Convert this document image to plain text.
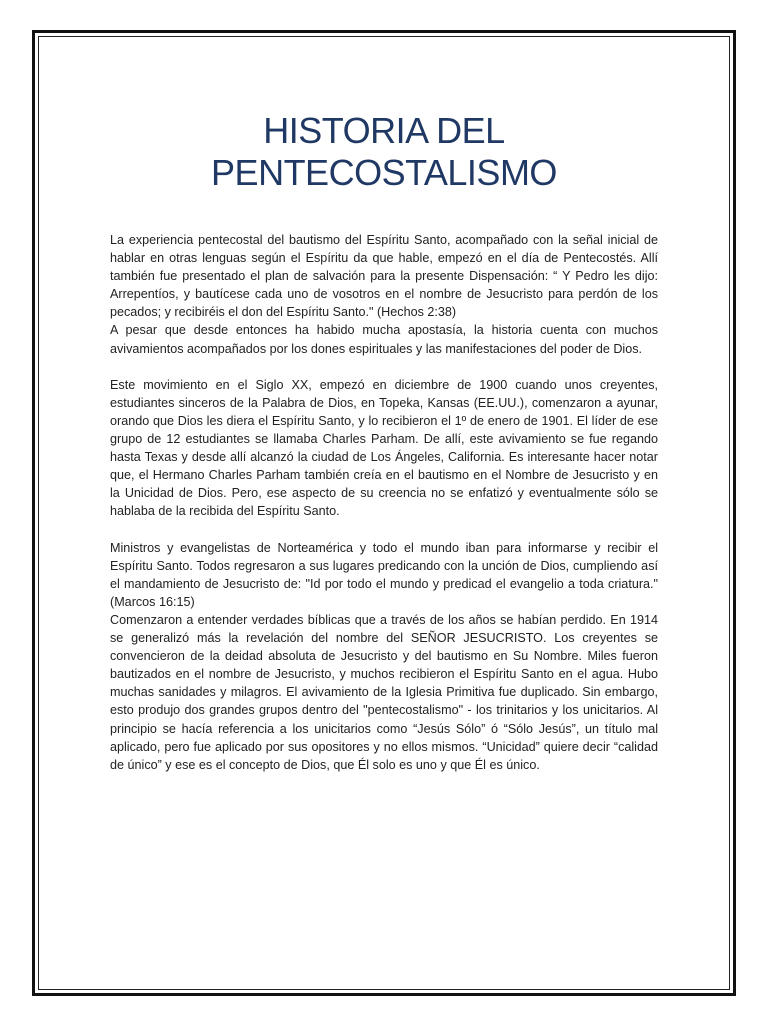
HISTORIA DEL
PENTECOSTALISMO

La experiencia pentecostal del bautismo del Espíritu Santo, acompañado con la señal inicial de hablar en otras lenguas según el Espíritu da que hable, empezó en el día de Pentecostés. Allí también fue presentado el plan de salvación para la presente Dispensación: “ Y Pedro les dijo: Arrepentíos, y bautícese cada uno de vosotros en el nombre de Jesucristo para perdón de los pecados; y recibiréis el don del Espíritu Santo." (Hechos 2:38)

A pesar que desde entonces ha habido mucha apostasía, la historia cuenta con muchos avivamientos acompañados por los dones espirituales y las manifestaciones del poder de Dios.

Este movimiento en el Siglo XX, empezó en diciembre de 1900 cuando unos creyentes, estudiantes sinceros de la Palabra de Dios, en Topeka, Kansas (EE.UU.), comenzaron a ayunar, orando que Dios les diera el Espíritu Santo, y lo recibieron el 1º de enero de 1901. El líder de ese grupo de 12 estudiantes se llamaba Charles Parham. De allí, este avivamiento se fue regando hasta Texas y desde allí alcanzó la ciudad de Los Ángeles, California. Es interesante hacer notar que, el Hermano Charles Parham también creía en el bautismo en el Nombre de Jesucristo y en la Unicidad de Dios. Pero, ese aspecto de su creencia no se enfatizó y eventualmente sólo se hablaba de la recibida del Espíritu Santo.

Ministros y evangelistas de Norteamérica y todo el mundo iban para informarse y recibir el Espíritu Santo. Todos regresaron a sus lugares predicando con la unción de Dios, cumpliendo así el mandamiento de Jesucristo de: "Id por todo el mundo y predicad el evangelio a toda criatura." (Marcos 16:15)

Comenzaron a entender verdades bíblicas que a través de los años se habían perdido. En 1914 se generalizó más la revelación del nombre del SEÑOR JESUCRISTO. Los creyentes se convencieron de la deidad absoluta de Jesucristo y del bautismo en Su Nombre. Miles fueron bautizados en el nombre de Jesucristo, y muchos recibieron el Espíritu Santo en el agua. Hubo muchas sanidades y milagros. El avivamiento de la Iglesia Primitiva fue duplicado. Sin embargo, esto produjo dos grandes grupos dentro del "pentecostalismo" - los trinitarios y los unicitarios. Al principio se hacía referencia a los unicitarios como “Jesús Sólo” ó “Sólo Jesús”, un título mal aplicado, pero fue aplicado por sus opositores y no ellos mismos. “Unicidad” quiere decir “calidad de único” y ese es el concepto de Dios, que Él solo es uno y que Él es único.
